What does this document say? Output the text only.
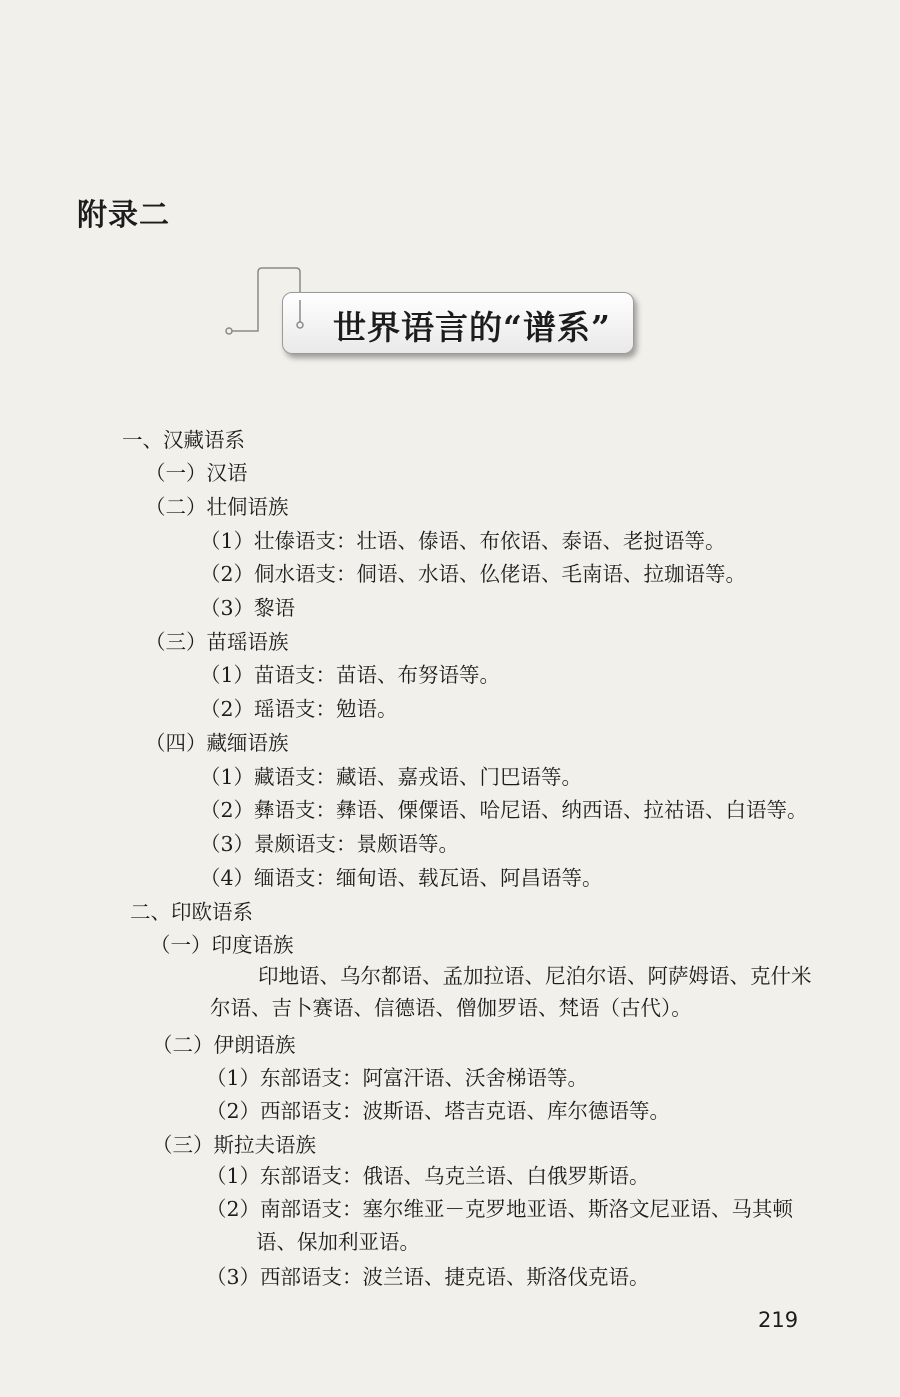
附录二
世界语言的“谱系”
一、汉藏语系
（一）汉语
（二）壮侗语族
（1）壮傣语支：壮语、傣语、布依语、泰语、老挝语等。
（2）侗水语支：侗语、水语、仫佬语、毛南语、拉珈语等。
（3）黎语
（三）苗瑶语族
（1）苗语支：苗语、布努语等。
（2）瑶语支：勉语。
（四）藏缅语族
（1）藏语支：藏语、嘉戎语、门巴语等。
（2）彝语支：彝语、傈僳语、哈尼语、纳西语、拉祜语、白语等。
（3）景颇语支：景颇语等。
（4）缅语支：缅甸语、载瓦语、阿昌语等。
二、印欧语系
（一）印度语族
印地语、乌尔都语、孟加拉语、尼泊尔语、阿萨姆语、克什米
尔语、吉卜赛语、信德语、僧伽罗语、梵语（古代）。
（二）伊朗语族
（1）东部语支：阿富汗语、沃舍梯语等。
（2）西部语支：波斯语、塔吉克语、库尔德语等。
（三）斯拉夫语族
（1）东部语支：俄语、乌克兰语、白俄罗斯语。
（2）南部语支：塞尔维亚－克罗地亚语、斯洛文尼亚语、马其顿
语、保加利亚语。
（3）西部语支：波兰语、捷克语、斯洛伐克语。
219
